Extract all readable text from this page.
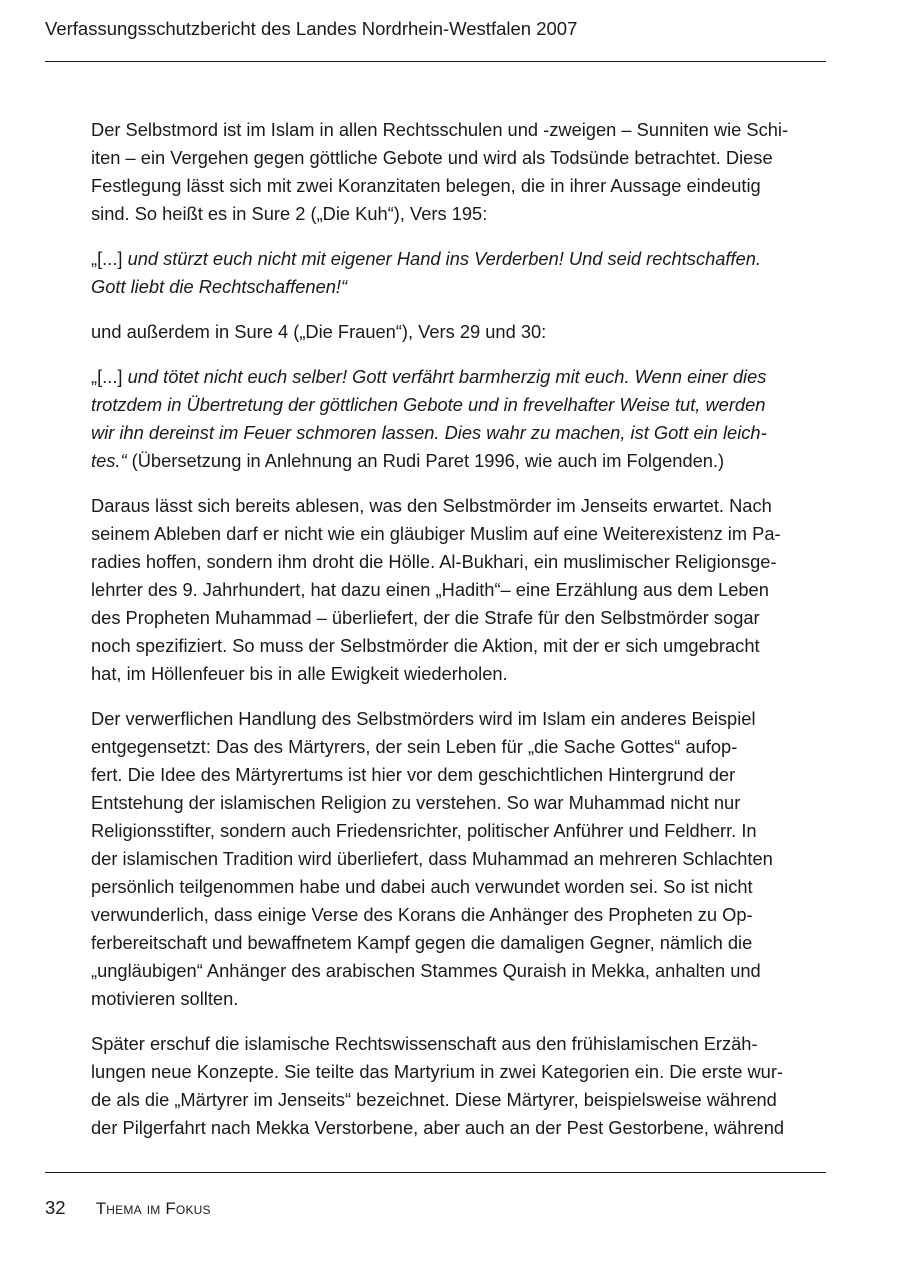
Verfassungsschutzbericht des Landes Nordrhein-Westfalen 2007
Der Selbstmord ist im Islam in allen Rechtsschulen und -zweigen – Sunniten wie Schi-
iten – ein Vergehen gegen göttliche Gebote und wird als Todsünde betrachtet. Diese
Festlegung lässt sich mit zwei Koranzitaten belegen, die in ihrer Aussage eindeutig
sind. So heißt es in Sure 2 („Die Kuh“), Vers 195:
„[...] und stürzt euch nicht mit eigener Hand ins Verderben! Und seid rechtschaffen.
Gott liebt die Rechtschaffenen!“
und außerdem in Sure 4 („Die Frauen“), Vers 29 und 30:
„[...] und tötet nicht euch selber! Gott verfährt barmherzig mit euch. Wenn einer dies
trotzdem in Übertretung der göttlichen Gebote und in frevelhafter Weise tut, werden
wir ihn dereinst im Feuer schmoren lassen. Dies wahr zu machen, ist Gott ein leich-
tes.“ (Übersetzung in Anlehnung an Rudi Paret 1996, wie auch im Folgenden.)
Daraus lässt sich bereits ablesen, was den Selbstmörder im Jenseits erwartet. Nach
seinem Ableben darf er nicht wie ein gläubiger Muslim auf eine Weiterexistenz im Pa-
radies hoffen, sondern ihm droht die Hölle. Al-Bukhari, ein muslimischer Religionsge-
lehrter des 9. Jahrhundert, hat dazu einen „Hadith“– eine Erzählung aus dem Leben
des Propheten Muhammad – überliefert, der die Strafe für den Selbstmörder sogar
noch spezifiziert. So muss der Selbstmörder die Aktion, mit der er sich umgebracht
hat, im Höllenfeuer bis in alle Ewigkeit wiederholen.
Der verwerflichen Handlung des Selbstmörders wird im Islam ein anderes Beispiel
entgegensetzt: Das des Märtyrers, der sein Leben für „die Sache Gottes“ aufop-
fert. Die Idee des Märtyrertums ist hier vor dem geschichtlichen Hintergrund der
Entstehung der islamischen Religion zu verstehen. So war Muhammad nicht nur
Religionsstifter, sondern auch Friedensrichter, politischer Anführer und Feldherr. In
der islamischen Tradition wird überliefert, dass Muhammad an mehreren Schlachten
persönlich teilgenommen habe und dabei auch verwundet worden sei. So ist nicht
verwunderlich, dass einige Verse des Korans die Anhänger des Propheten zu Op-
ferbereitschaft und bewaffnetem Kampf gegen die damaligen Gegner, nämlich die
„ungläubigen“ Anhänger des arabischen Stammes Quraish in Mekka, anhalten und
motivieren sollten.
Später erschuf die islamische Rechtswissenschaft aus den frühislamischen Erzäh-
lungen neue Konzepte. Sie teilte das Martyrium in zwei Kategorien ein. Die erste wur-
de als die „Märtyrer im Jenseits“ bezeichnet. Diese Märtyrer, beispielsweise während
der Pilgerfahrt nach Mekka Verstorbene, aber auch an der Pest Gestorbene, während
32 Thema im Fokus
